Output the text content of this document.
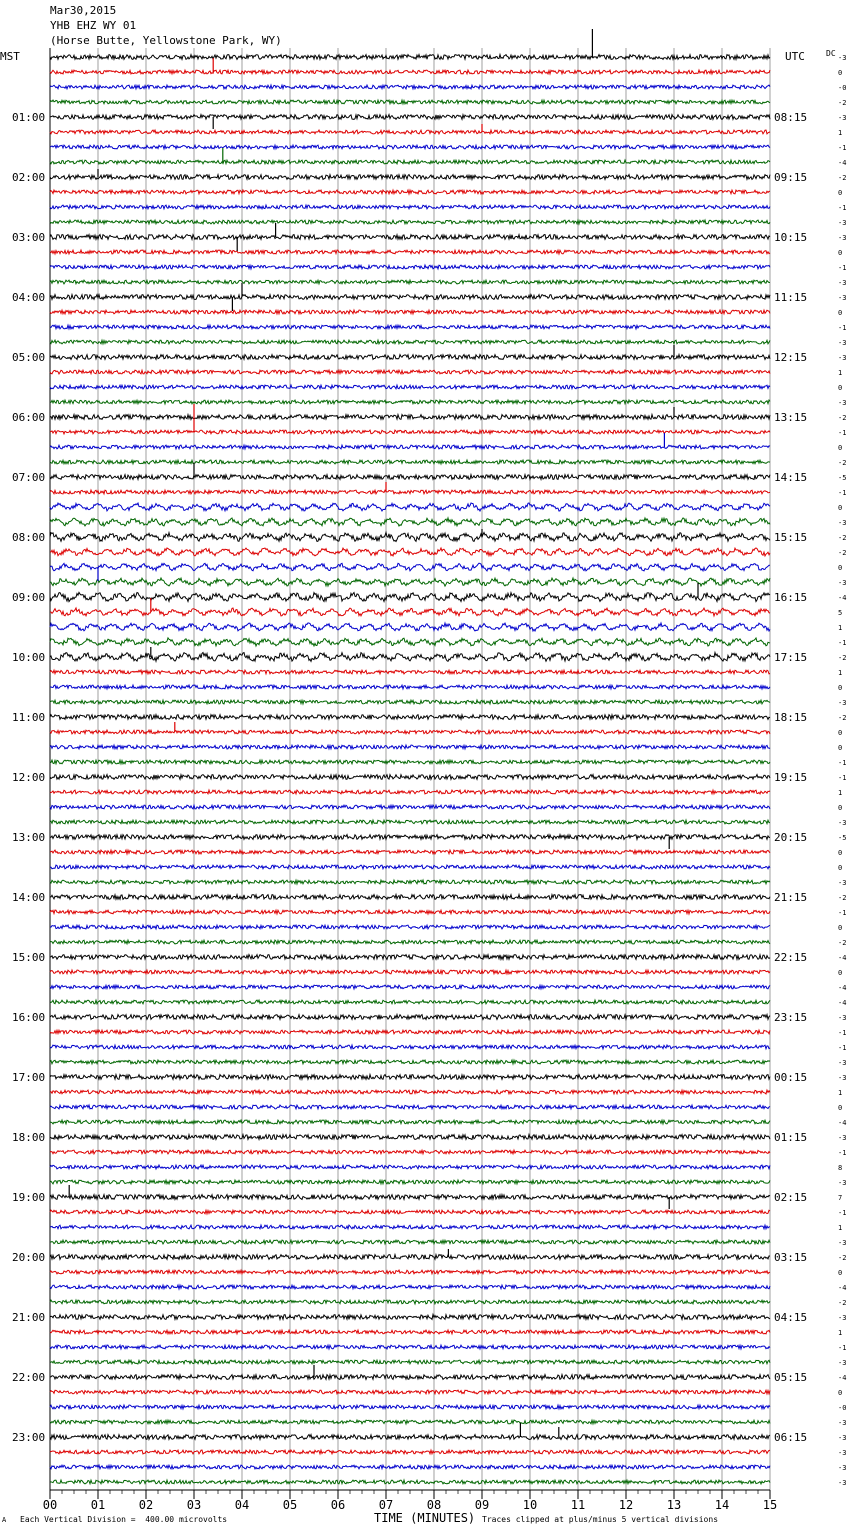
Mar30,2015
YHB EHZ WY 01
(Horse Butte, Yellowstone Park, WY)
MST	UTC	DC
00	01	02	03	04	05	06	07	08	09	10	11	12	13	14	15
01:00
02:00
03:00
04:00
05:00
06:00
07:00
08:00
09:00
10:00
11:00
12:00
13:00
14:00
15:00
16:00
17:00
18:00
19:00
20:00
21:00
22:00
23:00
08:15
09:15
10:15
11:15
12:15
13:15
14:15
15:15
16:15
17:15
18:15
19:15
20:15
21:15
22:15
23:15
00:15
01:15
02:15
03:15
04:15
05:15
06:15
-3
0
-0
-2
-3
1
-1
-4
-2
0
-1
-3
-3
0
-1
-3
-3
0
-1
-3
-3
1
0
-3
-2
-1
0
-2
-5
-1
0
-3
-2
-2
0
-3
-4
5
1
-1
-2
1
0
-3
-2
0
0
-1
-1
1
0
-3
-5
0
0
-3
-2
-1
0
-2
-4
0
-4
-4
-3
-1
-1
-3
-3
1
0
-4
-3
-1
8
-3
7
-1
1
-3
-2
0
-4
-2
-3
1
-1
-3
-4
0
-0
-3
-3
-3
-3
-3
A Each Vertical Division =  400.00 microvolts	TIME (MINUTES) Traces clipped at plus/minus 5 vertical divisions
